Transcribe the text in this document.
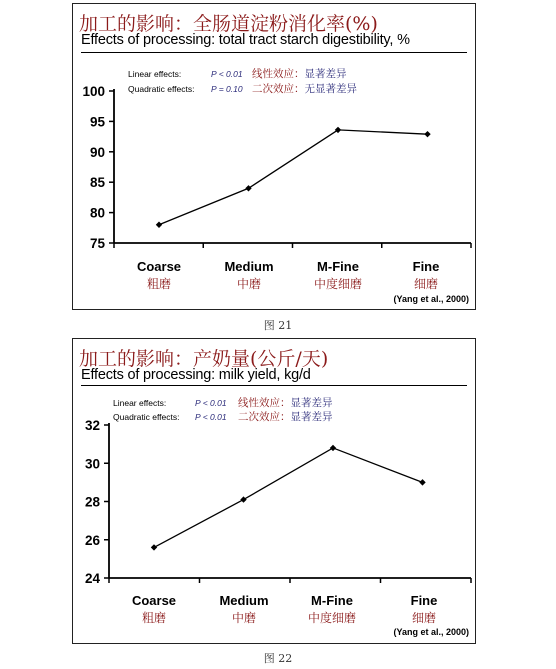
加工的影响：全肠道淀粉消化率(%)
Effects of processing: total tract starch digestibility, %
Linear effects:	P < 0.01 线性效应：显著差异
Quadratic effects: P = 0.10 二次效应：无显著差异
100
95
90
85
80
75
Coarse
粗磨
Medium
中磨
M-Fine
中度细磨
Fine
细磨
(Yang et al., 2000)
图 21
加工的影响：产奶量(公斤/天)
Effects of processing: milk yield, kg/d
Linear effects:	P < 0.01 线性效应：显著差异
Quadratic effects: P < 0.01 二次效应：显著差异
32
30
28
26
24
Coarse
粗磨
Medium
中磨
M-Fine
中度细磨
Fine
细磨
(Yang et al., 2000)
图 22
